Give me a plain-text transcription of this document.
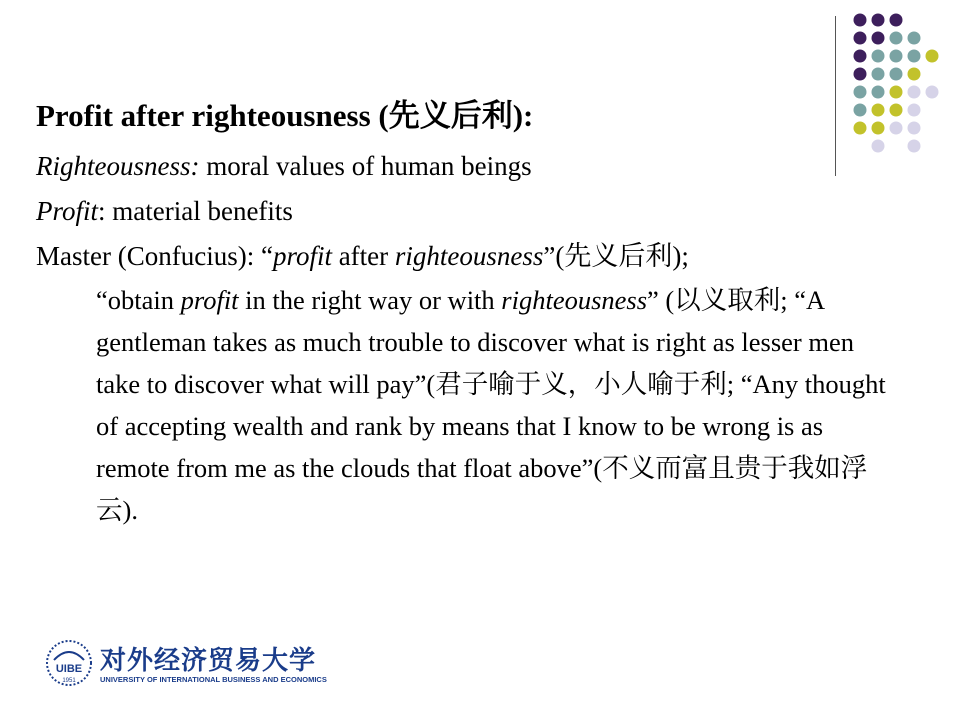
Profit after righteousness (先义后利):

Righteousness: moral values of human beings

Profit: material benefits

Master (Confucius): “profit after righteousness”(先义后利);

“obtain profit in the right way or with righteousness” (以义取利; “A gentleman takes as much trouble to discover what is right as lesser men take to discover what will pay”(君子喻于义，小人喻于利; “Any thought of accepting wealth and rank by means that I know to be wrong is as remote from me as the clouds that float above”(不义而富且贵于我如浮云).

UIBE
1951
对外经济贸易大学
UNIVERSITY OF INTERNATIONAL BUSINESS AND ECONOMICS
